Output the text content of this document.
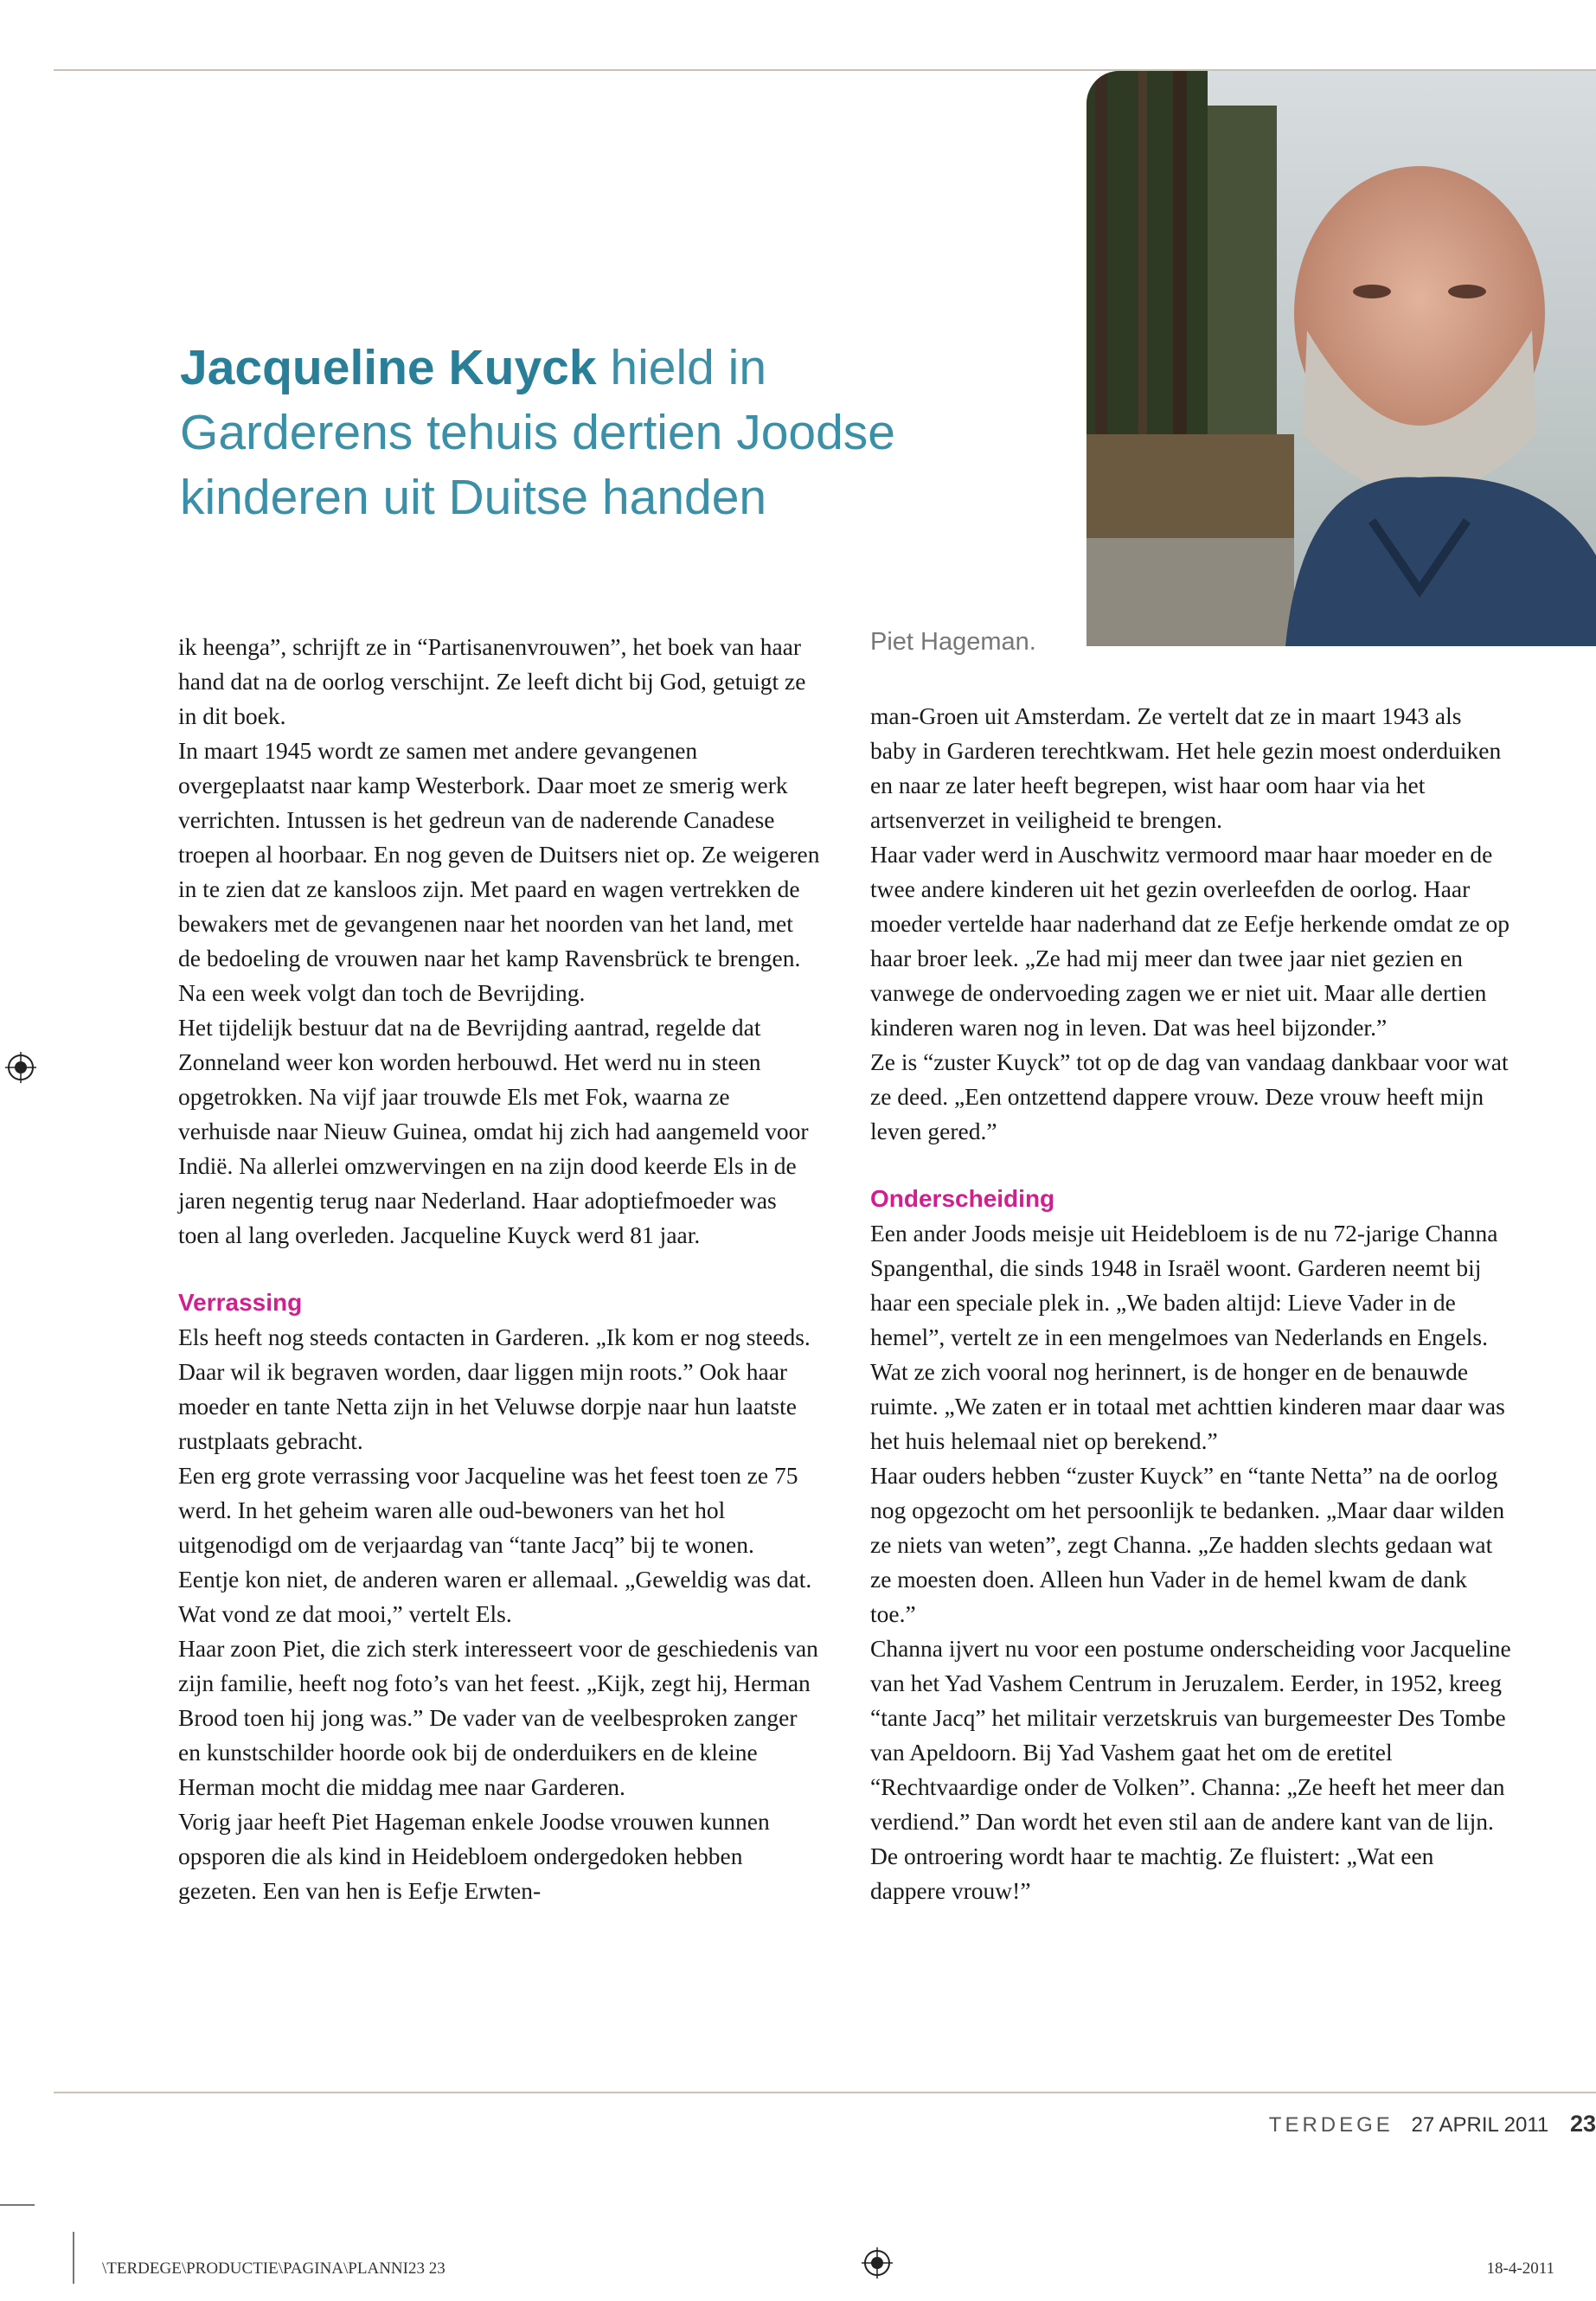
Jacqueline Kuyck hield in Garderens tehuis dertien Joodse kinderen uit Duitse handen
Piet Hageman.

ik heenga”, schrijft ze in “Partisanenvrouwen”, het boek van haar hand dat na de oorlog verschijnt. Ze leeft dicht bij God, getuigt ze in dit boek.

In maart 1945 wordt ze samen met andere gevangenen overgeplaatst naar kamp Westerbork. Daar moet ze smerig werk verrichten. Intussen is het gedreun van de naderende Canadese troepen al hoorbaar. En nog geven de Duitsers niet op. Ze weigeren in te zien dat ze kansloos zijn. Met paard en wagen vertrekken de bewakers met de gevangenen naar het noorden van het land, met de bedoeling de vrouwen naar het kamp Ravensbrück te brengen. Na een week volgt dan toch de Bevrijding.

Het tijdelijk bestuur dat na de Bevrijding aantrad, regelde dat Zonneland weer kon worden herbouwd. Het werd nu in steen opgetrokken. Na vijf jaar trouwde Els met Fok, waarna ze verhuisde naar Nieuw Guinea, omdat hij zich had aangemeld voor Indië. Na allerlei omzwervingen en na zijn dood keerde Els in de jaren negentig terug naar Nederland. Haar adoptiefmoeder was toen al lang overleden. Jacqueline Kuyck werd 81 jaar.

Verrassing

Els heeft nog steeds contacten in Garderen. „Ik kom er nog steeds. Daar wil ik begraven worden, daar liggen mijn roots.” Ook haar moeder en tante Netta zijn in het Veluwse dorpje naar hun laatste rustplaats gebracht.

Een erg grote verrassing voor Jacqueline was het feest toen ze 75 werd. In het geheim waren alle oud-bewoners van het hol uitgenodigd om de verjaardag van “tante Jacq” bij te wonen. Eentje kon niet, de anderen waren er allemaal. „Geweldig was dat. Wat vond ze dat mooi,” vertelt Els.

Haar zoon Piet, die zich sterk interesseert voor de geschiedenis van zijn familie, heeft nog foto’s van het feest. „Kijk, zegt hij, Herman Brood toen hij jong was.” De vader van de veelbesproken zanger en kunstschilder hoorde ook bij de onderduikers en de kleine Herman mocht die middag mee naar Garderen.

Vorig jaar heeft Piet Hageman enkele Joodse vrouwen kunnen opsporen die als kind in Heidebloem ondergedoken hebben gezeten. Een van hen is Eefje Erwten-

man-Groen uit Amsterdam. Ze vertelt dat ze in maart 1943 als baby in Garderen terechtkwam. Het hele gezin moest onderduiken en naar ze later heeft begrepen, wist haar oom haar via het artsenverzet in veiligheid te brengen.

Haar vader werd in Auschwitz vermoord maar haar moeder en de twee andere kinderen uit het gezin overleefden de oorlog. Haar moeder vertelde haar naderhand dat ze Eefje herkende omdat ze op haar broer leek. „Ze had mij meer dan twee jaar niet gezien en vanwege de ondervoeding zagen we er niet uit. Maar alle dertien kinderen waren nog in leven. Dat was heel bijzonder.”

Ze is “zuster Kuyck” tot op de dag van vandaag dankbaar voor wat ze deed. „Een ontzettend dappere vrouw. Deze vrouw heeft mijn leven gered.”

Onderscheiding

Een ander Joods meisje uit Heidebloem is de nu 72-jarige Channa Spangenthal, die sinds 1948 in Israël woont. Garderen neemt bij haar een speciale plek in. „We baden altijd: Lieve Vader in de hemel”, vertelt ze in een mengelmoes van Nederlands en Engels. Wat ze zich vooral nog herinnert, is de honger en de benauwde ruimte. „We zaten er in totaal met achttien kinderen maar daar was het huis helemaal niet op berekend.”

Haar ouders hebben “zuster Kuyck” en “tante Netta” na de oorlog nog opgezocht om het persoonlijk te bedanken. „Maar daar wilden ze niets van weten”, zegt Channa. „Ze hadden slechts gedaan wat ze moesten doen. Alleen hun Vader in de hemel kwam de dank toe.”

Channa ijvert nu voor een postume onderscheiding voor Jacqueline van het Yad Vashem Centrum in Jeruzalem. Eerder, in 1952, kreeg “tante Jacq” het militair verzetskruis van burgemeester Des Tombe van Apeldoorn. Bij Yad Vashem gaat het om de eretitel “Rechtvaardige onder de Volken”. Channa: „Ze heeft het meer dan verdiend.” Dan wordt het even stil aan de andere kant van de lijn. De ontroering wordt haar te machtig. Ze fluistert: „Wat een dappere vrouw!”

TERDEGE 27 APRIL 2011 23
\TERDEGE\PRODUCTIE\PAGINA\PLANNI23 23	18-4-2011
